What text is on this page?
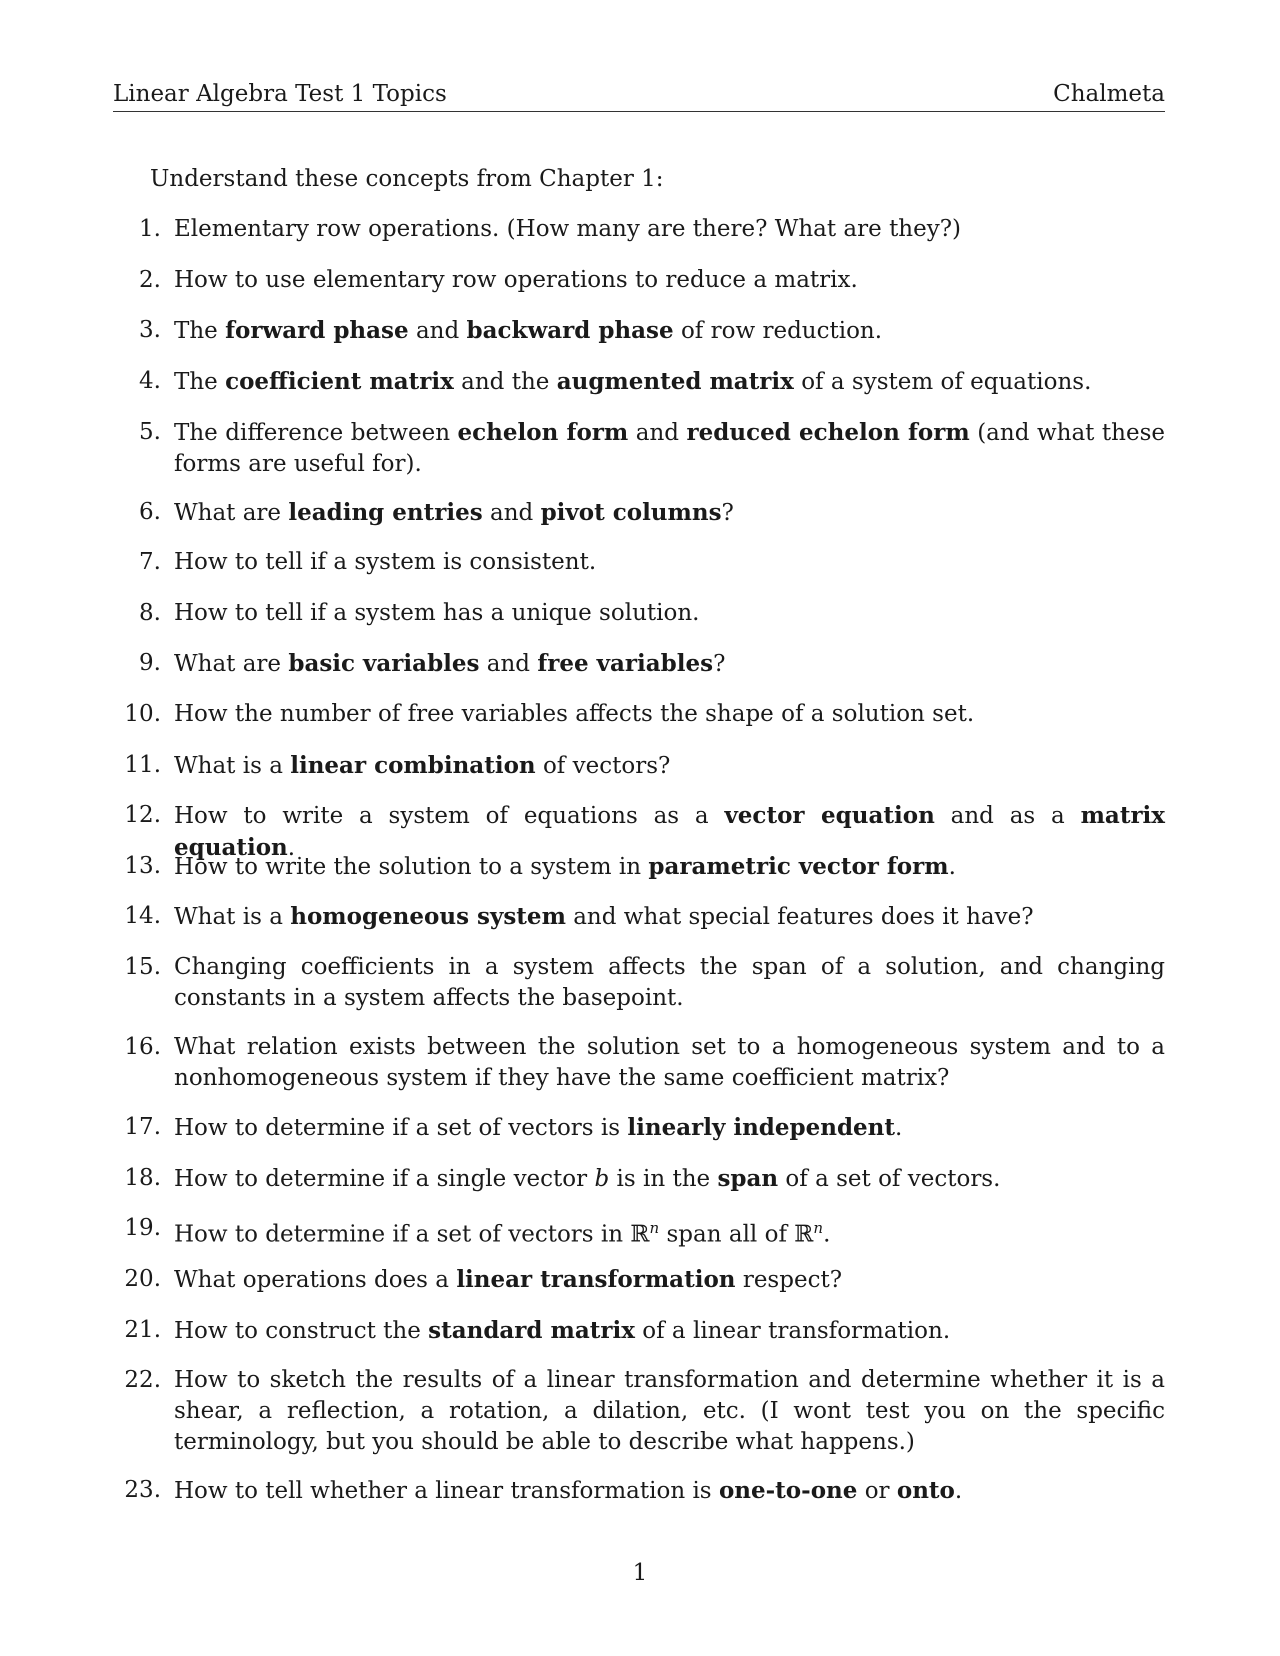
Linear Algebra Test 1 Topics	Chalmeta
Understand these concepts from Chapter 1:
1. Elementary row operations. (How many are there? What are they?)
2. How to use elementary row operations to reduce a matrix.
3. The forward phase and backward phase of row reduction.
4. The coefficient matrix and the augmented matrix of a system of equations.
5. The difference between echelon form and reduced echelon form (and what these forms are useful for).
6. What are leading entries and pivot columns?
7. How to tell if a system is consistent.
8. How to tell if a system has a unique solution.
9. What are basic variables and free variables?
10. How the number of free variables affects the shape of a solution set.
11. What is a linear combination of vectors?
12. How to write a system of equations as a vector equation and as a matrix equation.
13. How to write the solution to a system in parametric vector form.
14. What is a homogeneous system and what special features does it have?
15. Changing coefficients in a system affects the span of a solution, and changing constants in a system affects the basepoint.
16. What relation exists between the solution set to a homogeneous system and to a nonhomogeneous system if they have the same coefficient matrix?
17. How to determine if a set of vectors is linearly independent.
18. How to determine if a single vector b is in the span of a set of vectors.
19. How to determine if a set of vectors in ℝ$^n$ span all of ℝ$^n$.
20. What operations does a linear transformation respect?
21. How to construct the standard matrix of a linear transformation.
22. How to sketch the results of a linear transformation and determine whether it is a shear, a reflection, a rotation, a dilation, etc. (I wont test you on the specific terminology, but you should be able to describe what happens.)
23. How to tell whether a linear transformation is one-to-one or onto.
1
